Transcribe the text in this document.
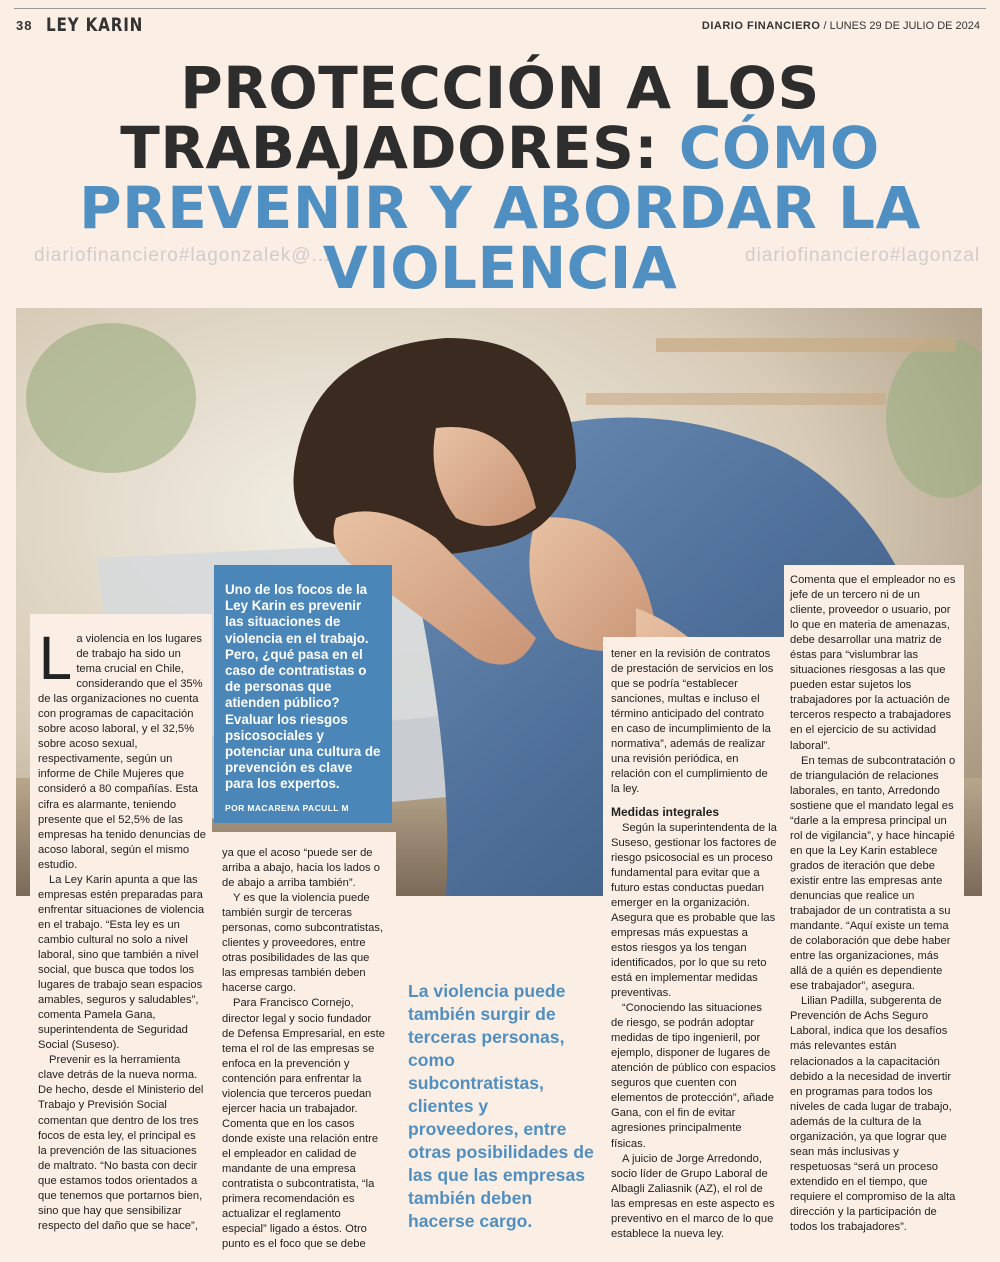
38 LEY KARIN	DIARIO FINANCIERO / LUNES 29 DE JULIO DE 2024
PROTECCIÓN A LOS
TRABAJADORES: CÓMO
PREVENIR Y ABORDAR LA
VIOLENCIA
diariofinanciero#lagonzalek@...	diariofinanciero#lagonzal

Uno de los focos de la Ley Karin es prevenir las situaciones de violencia en el trabajo. Pero, ¿qué pasa en el caso de contratistas o de personas que atienden público? Evaluar los riesgos psicosociales y potenciar una cultura de prevención es clave para los expertos.

POR MACARENA PACULL M

La violencia en los lugares de trabajo ha sido un tema crucial en Chile, considerando que el 35% de las organizaciones no cuenta con programas de capacitación sobre acoso laboral, y el 32,5% sobre acoso sexual, respectivamente, según un informe de Chile Mujeres que consideró a 80 compañías. Esta cifra es alarmante, teniendo presente que el 52,5% de las empresas ha tenido denuncias de acoso laboral, según el mismo estudio.

La Ley Karin apunta a que las empresas estén preparadas para enfrentar situaciones de violencia en el trabajo. “Esta ley es un cambio cultural no solo a nivel laboral, sino que también a nivel social, que busca que todos los lugares de trabajo sean espacios amables, seguros y saludables”, comenta Pamela Gana, superintendenta de Seguridad Social (Suseso).

Prevenir es la herramienta clave detrás de la nueva norma. De hecho, desde el Ministerio del Trabajo y Previsión Social comentan que dentro de los tres focos de esta ley, el principal es la prevención de las situaciones de maltrato. “No basta con decir que estamos todos orientados a que tenemos que portarnos bien, sino que hay que sensibilizar respecto del daño que se hace”,

ya que el acoso “puede ser de arriba a abajo, hacia los lados o de abajo a arriba también”.

Y es que la violencia puede también surgir de terceras personas, como subcontratistas, clientes y proveedores, entre otras posibilidades de las que las empresas también deben hacerse cargo.

Para Francisco Cornejo, director legal y socio fundador de Defensa Empresarial, en este tema el rol de las empresas se enfoca en la prevención y contención para enfrentar la violencia que terceros puedan ejercer hacia un trabajador. Comenta que en los casos donde existe una relación entre el empleador en calidad de mandante de una empresa contratista o subcontratista, “la primera recomendación es actualizar el reglamento especial” ligado a éstos. Otro punto es el foco que se debe

La violencia puede también surgir de terceras personas, como subcontratistas, clientes y proveedores, entre otras posibilidades de las que las empresas también deben hacerse cargo.

tener en la revisión de contratos de prestación de servicios en los que se podría “establecer sanciones, multas e incluso el término anticipado del contrato en caso de incumplimiento de la normativa”, además de realizar una revisión periódica, en relación con el cumplimiento de la ley.

Medidas integrales

Según la superintendenta de la Suseso, gestionar los factores de riesgo psicosocial es un proceso fundamental para evitar que a futuro estas conductas puedan emerger en la organización. Asegura que es probable que las empresas más expuestas a estos riesgos ya los tengan identificados, por lo que su reto está en implementar medidas preventivas.

“Conociendo las situaciones de riesgo, se podrán adoptar medidas de tipo ingenieril, por ejemplo, disponer de lugares de atención de público con espacios seguros que cuenten con elementos de protección”, añade Gana, con el fin de evitar agresiones principalmente físicas.

A juicio de Jorge Arredondo, socio líder de Grupo Laboral de Albagli Zaliasnik (AZ), el rol de las empresas en este aspecto es preventivo en el marco de lo que establece la nueva ley.

Comenta que el empleador no es jefe de un tercero ni de un cliente, proveedor o usuario, por lo que en materia de amenazas, debe desarrollar una matriz de éstas para “vislumbrar las situaciones riesgosas a las que pueden estar sujetos los trabajadores por la actuación de terceros respecto a trabajadores en el ejercicio de su actividad laboral”.

En temas de subcontratación o de triangulación de relaciones laborales, en tanto, Arredondo sostiene que el mandato legal es “darle a la empresa principal un rol de vigilancia”, y hace hincapié en que la Ley Karin establece grados de iteración que debe existir entre las empresas ante denuncias que realice un trabajador de un contratista a su mandante. “Aquí existe un tema de colaboración que debe haber entre las organizaciones, más allá de a quién es dependiente ese trabajador”, asegura.

Lilian Padilla, subgerenta de Prevención de Achs Seguro Laboral, indica que los desafíos más relevantes están relacionados a la capacitación debido a la necesidad de invertir en programas para todos los niveles de cada lugar de trabajo, además de la cultura de la organización, ya que lograr que sean más inclusivas y respetuosas “será un proceso extendido en el tiempo, que requiere el compromiso de la alta dirección y la participación de todos los trabajadores”.
